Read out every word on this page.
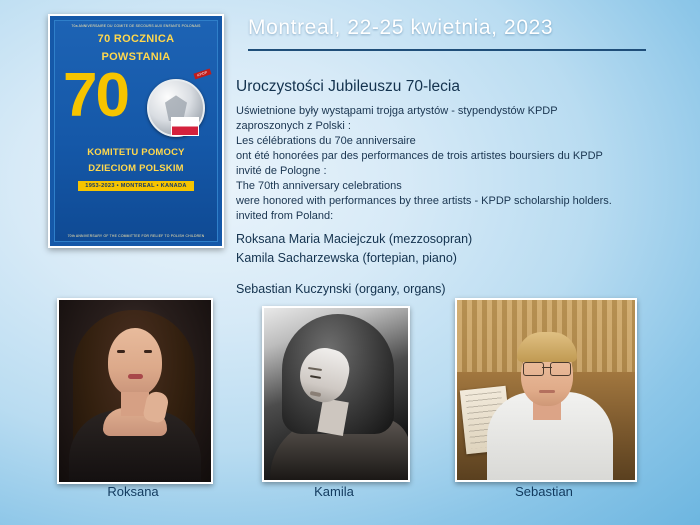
70a ANNIVERSAIRE DU COMITE DE SECOURS AUX ENFANTS POLONAIS
70 ROCZNICA
POWSTANIA
70	KPDP
KOMITETU POMOCY
DZIECIOM POLSKIM
1953-2023 • MONTREAL • KANADA
70th ANNIVERSARY OF THE COMMITTEE FOR RELIEF TO POLISH CHILDREN
Montreal, 22-25 kwietnia, 2023
Uroczystości Jubileuszu 70-lecia
Uświetnione były wystąpami trojga artystów - stypendystów KPDP
zaproszonych z Polski :
Les célébrations du 70e anniversaire
ont été honorées par des performances de trois artistes boursiers du KPDP
invité de Pologne :
The 70th anniversary celebrations
were honored with performances by three artists - KPDP scholarship holders.
invited from Poland:
Roksana Maria Maciejczuk (mezzosopran)
Kamila Sacharzewska (fortepian, piano)
Sebastian Kuczynski (organy, organs)
Roksana	Kamila	Sebastian
